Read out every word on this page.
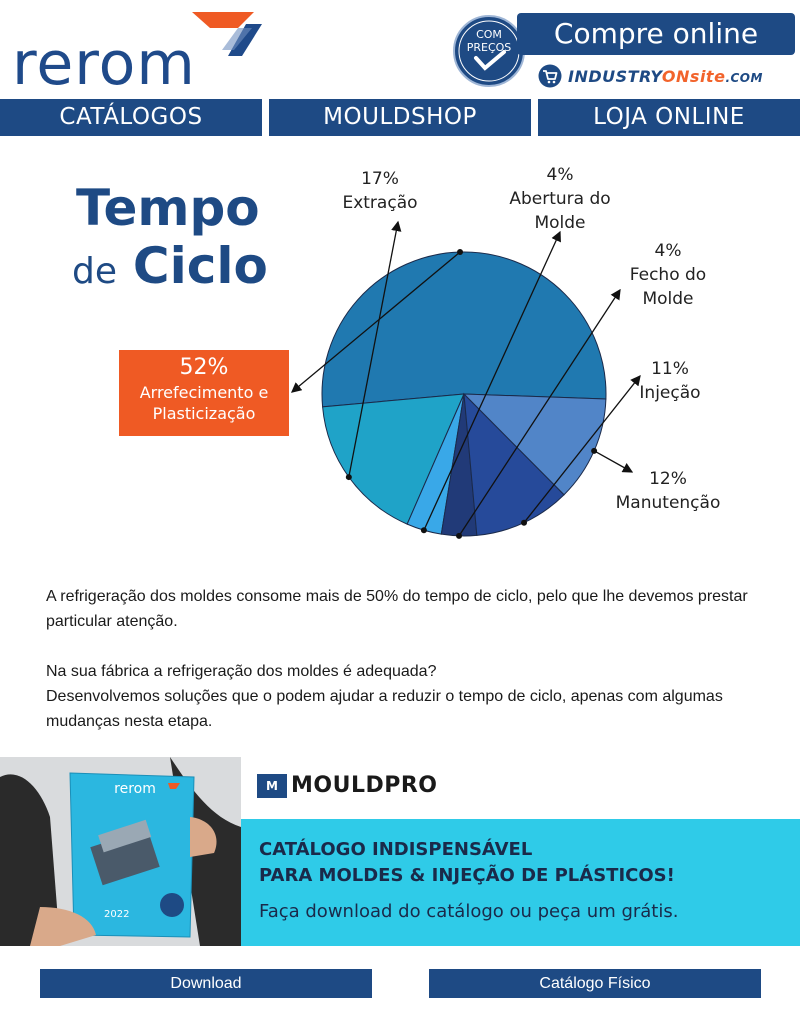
rerom	COM
PREÇOS	Compre online
INDUSTRYONsite.COM
CATÁLOGOS	MOULDSHOP	LOJA ONLINE
Tempo
de Ciclo
17% Extração
4% Abertura do Molde
4% Fecho do Molde
11% Injeção
12% Manutenção
52%
Arrefecimento e
Plasticização

A refrigeração dos moldes consome mais de 50% do tempo de ciclo, pelo que lhe devemos prestar particular atenção.

Na sua fábrica a refrigeração dos moldes é adequada?

Desenvolvemos soluções que o podem ajudar a reduzir o tempo de ciclo, apenas com algumas mudanças nesta etapa.

rerom
2022
M MOULDPRO
CATÁLOGO INDISPENSÁVEL
PARA MOLDES & INJEÇÃO DE PLÁSTICOS!
Faça download do catálogo ou peça um grátis.
Download	Catálogo Físico
